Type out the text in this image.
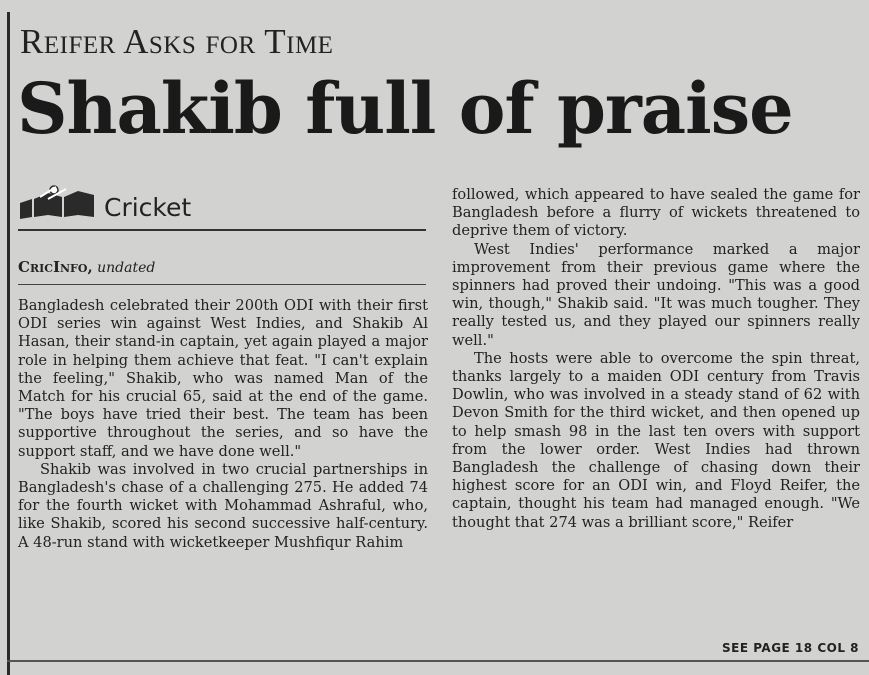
Reifer Asks for Time
Shakib full of praise
Cricket
CricInfo, undated

Bangladesh celebrated their 200th ODI with their first ODI series win against West Indies, and Shakib Al Hasan, their stand-in captain, yet again played a major role in helping them achieve that feat. "I can't explain the feeling," Shakib, who was named Man of the Match for his crucial 65, said at the end of the game. "The boys have tried their best. The team has been supportive throughout the series, and so have the support staff, and we have done well."

Shakib was involved in two crucial partnerships in Bangladesh's chase of a challenging 275. He added 74 for the fourth wicket with Mohammad Ashraful, who, like Shakib, scored his second successive half-century. A 48-run stand with wicketkeeper Mushfiqur Rahim

followed, which appeared to have sealed the game for Bangladesh before a flurry of wickets threatened to deprive them of victory.

West Indies' performance marked a major improvement from their previous game where the spinners had proved their undoing. "This was a good win, though," Shakib said. "It was much tougher. They really tested us, and they played our spinners really well."

The hosts were able to overcome the spin threat, thanks largely to a maiden ODI century from Travis Dowlin, who was involved in a steady stand of 62 with Devon Smith for the third wicket, and then opened up to help smash 98 in the last ten overs with support from the lower order. West Indies had thrown Bangladesh the challenge of chasing down their highest score for an ODI win, and Floyd Reifer, the captain, thought his team had managed enough. "We thought that 274 was a brilliant score," Reifer

SEE PAGE 18 COL 8
